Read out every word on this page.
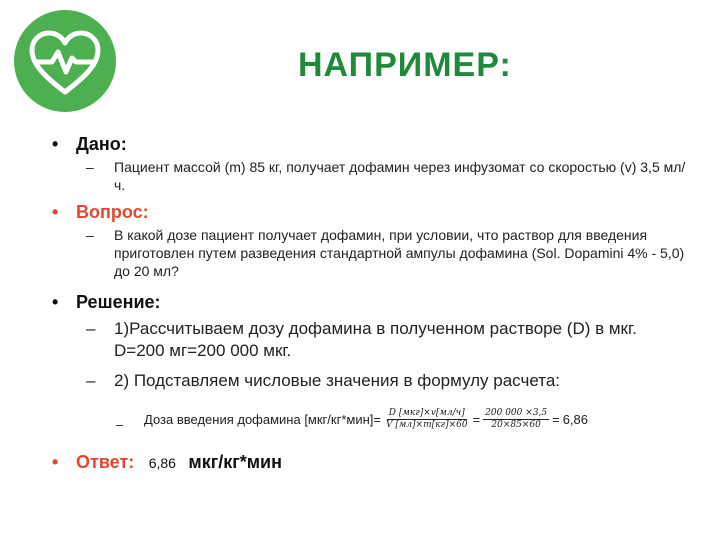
НАПРИМЕР:
• Дано:
– Пациент массой (m) 85 кг, получает дофамин через инфузомат со скоростью (v) 3,5 мл/ч.
• Вопрос:
– В какой дозе пациент получает дофамин, при условии, что раствор для введения приготовлен путем разведения стандартной ампулы дофамина (Sol. Dopamini 4% - 5,0) до 20 мл?
• Решение:
– 1)Рассчитываем дозу дофамина в полученном растворе (D) в мкг. D=200 мг=200 000 мкг.
– 2) Подставляем числовые значения в формулу расчета:
– Доза введения дофамина $[мкг/кг*мин]= \frac{\text{D [мкг]×v[мл/ч]}}{V [мл]\times m[кг]\times 60} = \frac{200 000 \times 3,5}{20\times 85\times 60} = 6,86$
• Ответ: 6,86 мкг/кг*мин
